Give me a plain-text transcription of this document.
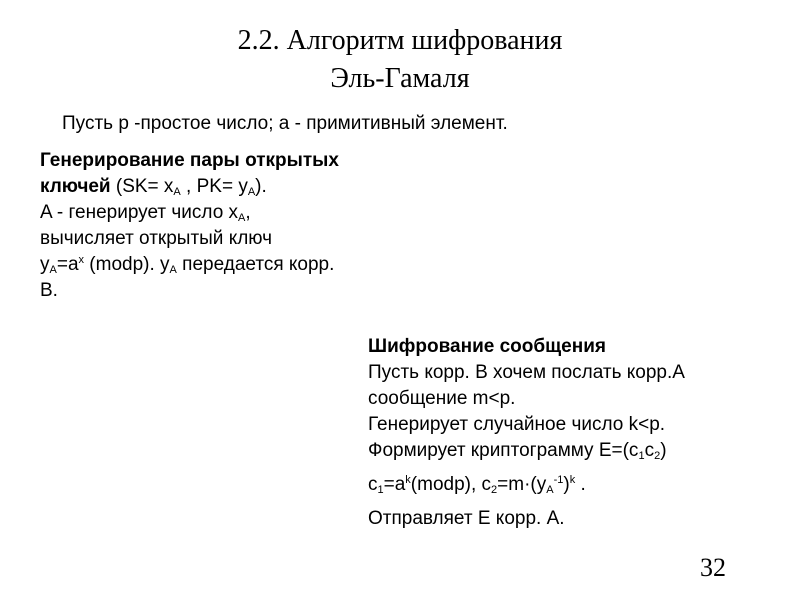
2.2. Алгоритм шифрования
Эль-Гамаля
Пусть р -простое число; а - примитивный элемент.
Генерирование пары открытых
ключей ($SK= x_A$ , $PK= y_A$).
A - генерирует число $x_A$,
вычисляет открытый ключ
$y_A=a^x$ (modp). $y_A$ передается корр.
B.
Шифрование сообщения
Пусть корр. B хочем послать корр.A
сообщение m<p.
Генерирует случайное число k<p.
Формирует криптограмму $E=(c_1c_2)$
$c_1=a^k(modp)$, $c_2=m\cdot(y_A^{-1})^k$ .
Отправляет E корр. A.
32
